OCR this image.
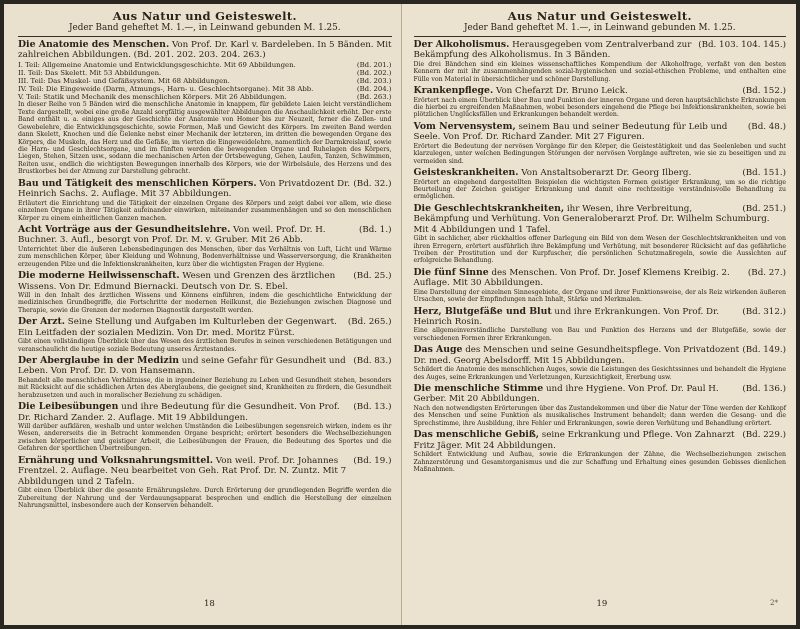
Aus Natur und Geisteswelt.
Jeder Band geheftet M. 1.—, in Leinwand gebunden M. 1.25.
Die Anatomie des Menschen. Von Prof. Dr. Karl v. Bardeleben. In 5 Bänden. Mit zahlreichen Abbildungen. (Bd. 201. 202. 203. 204. 263.)
I. Teil: Allgemeine Anatomie und Entwicklungsgeschichte. Mit 69 Abbildungen.	(Bd. 201.)
II. Teil: Das Skelett. Mit 53 Abbildungen.	(Bd. 202.)
III. Teil: Das Muskel- und Gefäßsystem. Mit 68 Abbildungen.	(Bd. 203.)
IV. Teil: Die Eingeweide (Darm, Atmungs-, Harn- u. Geschlechtsorgane). Mit 38 Abb.	(Bd. 204.)
V. Teil: Statik und Mechanik des menschlichen Körpers. Mit 26 Abbildungen.	(Bd. 263.)
In dieser Reihe von 5 Bänden wird die menschliche Anatomie in knappem, für gebildete Laien leicht verständlichem Texte dargestellt, wobei eine große Anzahl sorgfältig ausgewählter Abbildungen die Anschaulichkeit erhöht. Der erste Band enthält u. a. einiges aus der Geschichte der Anatomie von Homer bis zur Neuzeit, ferner die Zellen- und Gewebelehre, die Entwicklungsgeschichte, sowie Formen, Maß und Gewicht des Körpers. Im zweiten Band werden dann Skelett, Knochen und die Gelenke nebst einer Mechanik der letzteren, im dritten die bewegenden Organe des Körpers, die Muskeln, das Herz und die Gefäße, im vierten die Eingeweidelehre, namentlich der Darmkreislauf, sowie die Harn- und Geschlechtsorgane, und im fünften werden die bewegenden Organe und Ruhelagen des Körpers, Liegen, Stehen, Sitzen usw., sodann die mechanischen Arten der Ortsbewegung, Gehen, Laufen, Tanzen, Schwimmen, Reiten usw., endlich die wichtigsten Bewegungen innerhalb des Körpers, wie der Wirbelsäule, des Herzens und des Brustkorbes bei der Atmung zur Darstellung gebracht.
(Bd. 32.)
Bau und Tätigkeit des menschlichen Körpers. Von Privatdozent Dr. Heinrich Sachs. 2. Auflage. Mit 37 Abbildungen.
Erläutert die Einrichtung und die Tätigkeit der einzelnen Organe des Körpers und zeigt dabei vor allem, wie diese einzelnen Organe in ihrer Tätigkeit aufeinander einwirken, miteinander zusammenhängen und so den menschlichen Körper zu einem einheitlichen Ganzen machen.
(Bd. 1.)
Acht Vorträge aus der Gesundheitslehre. Von weil. Prof. Dr. H. Buchner. 3. Aufl., besorgt von Prof. Dr. M. v. Gruber. Mit 26 Abb.
Unterrichtet über die äußeren Lebensbedingungen des Menschen, über das Verhältnis von Luft, Licht und Wärme zum menschlichen Körper, über Kleidung und Wohnung, Bodenverhältnisse und Wasserversorgung, die Krankheiten erzeugenden Pilze und die Infektionskrankheiten, kurz über die wichtigsten Fragen der Hygiene.
(Bd. 25.)
Die moderne Heilwissenschaft. Wesen und Grenzen des ärztlichen Wissens. Von Dr. Edmund Biernacki. Deutsch von Dr. S. Ebel.
Will in den Inhalt des ärztlichen Wissens und Könnens einführen, indem die geschichtliche Entwicklung der medizinischen Grundbegriffe, die Fortschritte der modernen Heilkunst, die Beziehungen zwischen Diagnose und Therapie, sowie die Grenzen der modernen Diagnostik dargestellt werden.
(Bd. 265.)
Der Arzt. Seine Stellung und Aufgaben im Kulturleben der Gegenwart. Ein Leitfaden der sozialen Medizin. Von Dr. med. Moritz Fürst.
Gibt einen vollständigen Überblick über das Wesen des ärztlichen Berufes in seinen verschiedenen Betätigungen und veranschaulicht die heutige soziale Bedeutung unseres Ärztestandes.
(Bd. 83.)
Der Aberglaube in der Medizin und seine Gefahr für Gesundheit und Leben. Von Prof. Dr. D. von Hansemann.
Behandelt alle menschlichen Verhältnisse, die in irgendeiner Beziehung zu Leben und Gesundheit stehen, besonders mit Rücksicht auf die schädlichen Arten des Aberglaubens, die geeignet sind, Krankheiten zu fördern, die Gesundheit herabzusetzen und auch in moralischer Beziehung zu schädigen.
(Bd. 13.)
Die Leibesübungen und ihre Bedeutung für die Gesundheit. Von Prof. Dr. Richard Zander. 2. Auflage. Mit 19 Abbildungen.
Will darüber aufklären, weshalb und unter welchen Umständen die Leibesübungen segensreich wirken, indem es ihr Wesen, andererseits die in Betracht kommenden Organe bespricht; erörtert besonders die Wechselbeziehungen zwischen körperlicher und geistiger Arbeit, die Leibesübungen der Frauen, die Bedeutung des Sportes und die Gefahren der sportlichen Übertreibungen.
(Bd. 19.)
Ernährung und Volksnahrungsmittel. Von weil. Prof. Dr. Johannes Frentzel. 2. Auflage. Neu bearbeitet von Geh. Rat Prof. Dr. N. Zuntz. Mit 7 Abbildungen und 2 Tafeln.
Gibt einen Überblick über die gesamte Ernährungslehre. Durch Erörterung der grundlegenden Begriffe werden die Zubereitung der Nahrung und der Verdauungsapparat besprochen und endlich die Herstellung der einzelnen Nahrungsmittel, insbesondere auch der Konserven behandelt.
18
Aus Natur und Geisteswelt.
Jeder Band geheftet M. 1.—, in Leinwand gebunden M. 1.25.
(Bd. 103. 104. 145.)
Der Alkoholismus. Herausgegeben vom Zentralverband zur Bekämpfung des Alkoholismus. In 3 Bänden.
Die drei Bändchen sind ein kleines wissenschaftliches Kompendium der Alkoholfrage, verfaßt von den besten Kennern der mit ihr zusammenhängenden sozial-hygienischen und sozial-ethischen Probleme, und enthalten eine Fülle von Material in übersichtlicher und schöner Darstellung.
(Bd. 152.)
Krankenpflege. Von Chefarzt Dr. Bruno Leick.
Erörtert nach einem Überblick über Bau und Funktion der inneren Organe und deren hauptsächlichste Erkrankungen die hierbei zu ergreifenden Maßnahmen, wobei besonders eingehend die Pflege bei Infektionskrankheiten, sowie bei plötzlichen Unglücksfällen und Erkrankungen behandelt werden.
(Bd. 48.)
Vom Nervensystem, seinem Bau und seiner Bedeutung für Leib und Seele. Von Prof. Dr. Richard Zander. Mit 27 Figuren.
Erörtert die Bedeutung der nervösen Vorgänge für den Körper, die Geistestätigkeit und das Seelenleben und sucht klarzulegen, unter welchen Bedingungen Störungen der nervösen Vorgänge auftreten, wie sie zu beseitigen und zu vermeiden sind.
(Bd. 151.)
Geisteskrankheiten. Von Anstaltsoberarzt Dr. Georg Ilberg.
Erörtert an eingehend dargestellten Beispielen die wichtigsten Formen geistiger Erkrankung, um so die richtige Beurteilung der Zeichen geistiger Erkrankung und damit eine rechtzeitige verständnisvolle Behandlung zu ermöglichen.
(Bd. 251.)
Die Geschlechtskrankheiten, ihr Wesen, ihre Verbreitung, Bekämpfung und Verhütung. Von Generaloberarzt Prof. Dr. Wilhelm Schumburg. Mit 4 Abbildungen und 1 Tafel.
Gibt in sachlicher, aber rückhaltlos offener Darlegung ein Bild von dem Wesen der Geschlechtskrankheiten und von ihren Erregern, erörtert ausführlich ihre Bekämpfung und Verhütung, mit besonderer Rücksicht auf das gefährliche Treiben der Prostitution und der Kurpfuscher, die persönlichen Schutzmaßregeln, sowie die Aussichten auf erfolgreiche Behandlung.
(Bd. 27.)
Die fünf Sinne des Menschen. Von Prof. Dr. Josef Klemens Kreibig. 2. Auflage. Mit 30 Abbildungen.
Eine Darstellung der einzelnen Sinnesgebiete, der Organe und ihrer Funktionsweise, der als Reiz wirkenden äußeren Ursachen, sowie der Empfindungen nach Inhalt, Stärke und Merkmalen.
(Bd. 312.)
Herz, Blutgefäße und Blut und ihre Erkrankungen. Von Prof. Dr. Heinrich Rosin.
Eine allgemeinverständliche Darstellung von Bau und Funktion des Herzens und der Blutgefäße, sowie der verschiedenen Formen ihrer Erkrankungen.
(Bd. 149.)
Das Auge des Menschen und seine Gesundheitspflege. Von Privatdozent Dr. med. Georg Abelsdorff. Mit 15 Abbildungen.
Schildert die Anatomie des menschlichen Auges, sowie die Leistungen des Gesichtssinnes und behandelt die Hygiene des Auges, seine Erkrankungen und Verletzungen, Kurzsichtigkeit, Ererbung usw.
(Bd. 136.)
Die menschliche Stimme und ihre Hygiene. Von Prof. Dr. Paul H. Gerber. Mit 20 Abbildungen.
Nach den notwendigsten Erörterungen über das Zustandekommen und über die Natur der Töne werden der Kehlkopf des Menschen und seine Funktion als musikalisches Instrument behandelt; dann werden die Gesang- und die Sprechstimme, ihre Ausbildung, ihre Fehler und Erkrankungen, sowie deren Verhütung und Behandlung erörtert.
(Bd. 229.)
Das menschliche Gebiß, seine Erkrankung und Pflege. Von Zahnarzt Fritz Jäger. Mit 24 Abbildungen.
Schildert Entwicklung und Aufbau, sowie die Erkrankungen der Zähne, die Wechselbeziehungen zwischen Zahnzerstörung und Gesamtorganismus und die zur Schaffung und Erhaltung eines gesunden Gebisses dienlichen Maßnahmen.
19	2*
